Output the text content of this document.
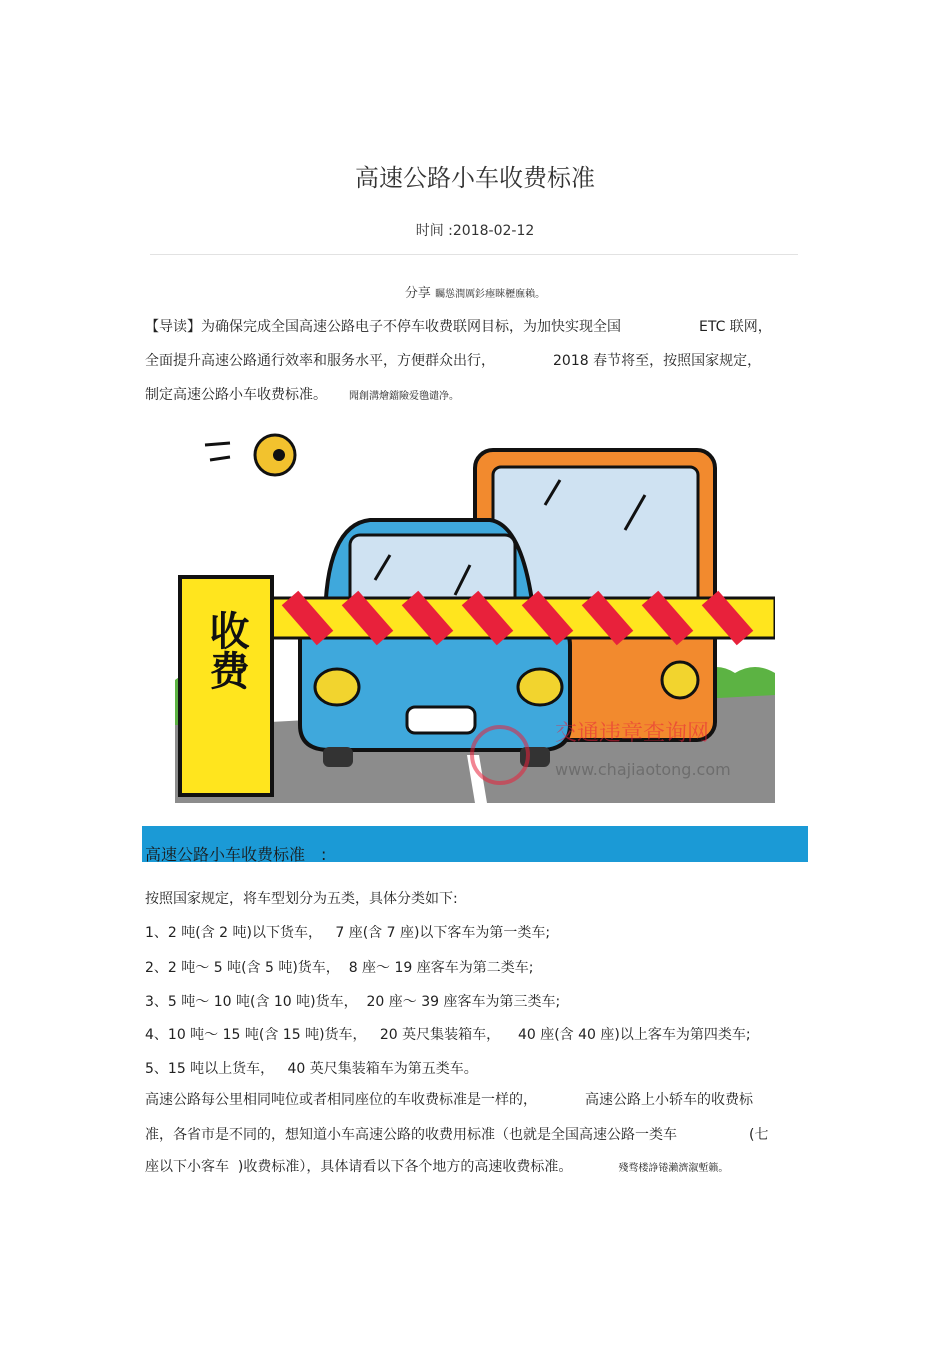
高速公路小车收费标准
时间 :2018-02-12
分享 矚慫潤厲釤瘞睞櫪廡賴。
【导读】为确保完成全国高速公路电子不停车收费联网目标，为加快实现全国	ETC 联网，
全面提升高速公路通行效率和服务水平，方便群众出行，	2018 春节将至，按照国家规定，
制定高速公路小车收费标准。 聞創溝燴鐺險爱氇谴净。
收费
交通违章查询网
www.chajiaotong.com
高速公路小车收费标准　:
按照国家规定，将车型划分为五类，具体分类如下:
1、2 吨(含 2 吨)以下货车，   7 座(含 7 座)以下客车为第一类车;
2、2 吨～ 5 吨(含 5 吨)货车，  8 座～ 19 座客车为第二类车;
3、5 吨～ 10 吨(含 10 吨)货车，  20 座～ 39 座客车为第三类车;
4、10 吨～ 15 吨(含 15 吨)货车，   20 英尺集装箱车，    40 座(含 40 座)以上客车为第四类车;
5、15 吨以上货车，   40 英尺集装箱车为第五类车。
高速公路每公里相同吨位或者相同座位的车收费标准是一样的，	高速公路上小轿车的收费标
准，各省市是不同的，想知道小车高速公路的收费用标准（也就是全国高速公路一类车	(七
座以下小客车  )收费标准），具体请看以下各个地方的高速收费标准。	殘骛楼諍锩瀨濟溆塹籟。
